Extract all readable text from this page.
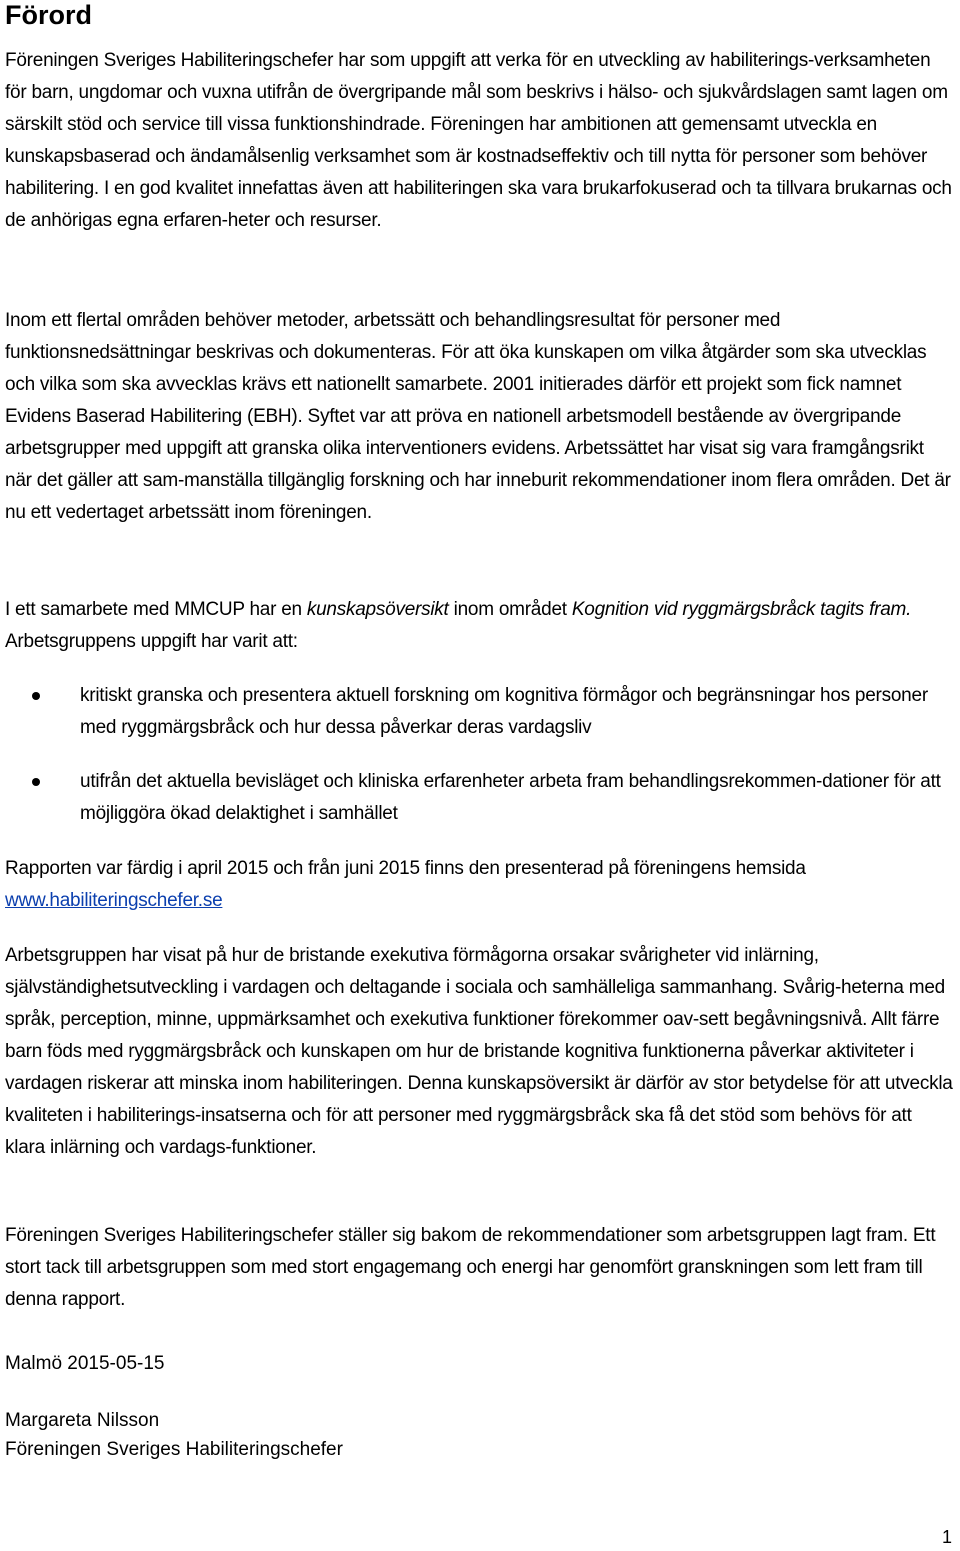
Förord

Föreningen Sveriges Habiliteringschefer har som uppgift att verka för en utveckling av habiliterings-verksamheten för barn, ungdomar och vuxna utifrån de övergripande mål som beskrivs i hälso- och sjukvårdslagen samt lagen om särskilt stöd och service till vissa funktionshindrade. Föreningen har ambitionen att gemensamt utveckla en kunskapsbaserad och ändamålsenlig verksamhet som är kostnadseffektiv och till nytta för personer som behöver habilitering. I en god kvalitet innefattas även att habiliteringen ska vara brukarfokuserad och ta tillvara brukarnas och de anhörigas egna erfaren-heter och resurser.

Inom ett flertal områden behöver metoder, arbetssätt och behandlingsresultat för personer med funktionsnedsättningar beskrivas och dokumenteras. För att öka kunskapen om vilka åtgärder som ska utvecklas och vilka som ska avvecklas krävs ett nationellt samarbete. 2001 initierades därför ett projekt som fick namnet Evidens Baserad Habilitering (EBH). Syftet var att pröva en nationell arbetsmodell bestående av övergripande arbetsgrupper med uppgift att granska olika interventioners evidens. Arbetssättet har visat sig vara framgångsrikt när det gäller att sam-manställa tillgänglig forskning och har inneburit rekommendationer inom flera områden. Det är nu ett vedertaget arbetssätt inom föreningen.

I ett samarbete med MMCUP har en kunskapsöversikt inom området Kognition vid ryggmärgsbråck tagits fram. Arbetsgruppens uppgift har varit att:

kritiskt granska och presentera aktuell forskning om kognitiva förmågor och begränsningar hos personer med ryggmärgsbråck och hur dessa påverkar deras vardagsliv
utifrån det aktuella bevisläget och kliniska erfarenheter arbeta fram behandlingsrekommen-dationer för att möjliggöra ökad delaktighet i samhället

Rapporten var färdig i april 2015 och från juni 2015 finns den presenterad på föreningens hemsida www.habiliteringschefer.se

Arbetsgruppen har visat på hur de bristande exekutiva förmågorna orsakar svårigheter vid inlärning, självständighetsutveckling i vardagen och deltagande i sociala och samhälleliga sammanhang. Svårig-heterna med språk, perception, minne, uppmärksamhet och exekutiva funktioner förekommer oav-sett begåvningsnivå. Allt färre barn föds med ryggmärgsbråck och kunskapen om hur de bristande kognitiva funktionerna påverkar aktiviteter i vardagen riskerar att minska inom habiliteringen. Denna kunskapsöversikt är därför av stor betydelse för att utveckla kvaliteten i habiliterings-insatserna och för att personer med ryggmärgsbråck ska få det stöd som behövs för att klara inlärning och vardags-funktioner.

Föreningen Sveriges Habiliteringschefer ställer sig bakom de rekommendationer som arbetsgruppen lagt fram. Ett stort tack till arbetsgruppen som med stort engagemang och energi har genomfört granskningen som lett fram till denna rapport.

Malmö 2015-05-15

Margareta Nilsson
Föreningen Sveriges Habiliteringschefer

1
